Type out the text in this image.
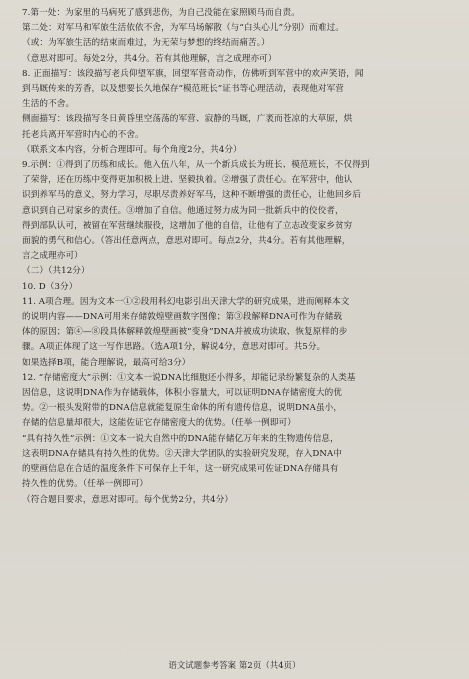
7.第一处：为家里的马病死了感到悲伤，为自己没能在家照顾马而自责。

第二处：对军马和军旅生活依依不舍，为军马场解散（与“白头心儿”分别）而难过。

（或：为军旅生活的结束而难过，为无荣与梦想的终结而痛苦。）

（意思对即可。每处2分，共4分。若有其他理解，言之成理亦可）

8. 正面描写：该段描写老兵仰望军旗，回望军营奇动作，仿佛听到军营中的欢声笑语，闻

到马厩传来的芳香，以及想要长久地保存“模范班长”证书等心理活动，表现他对军营

生活的不舍。

侧面描写：该段描写冬日黄昏里空荡荡的军营、寂静的马厩，广袤而苍凉的大草原，烘

托老兵离开军营时内心的不舍。

（联系文本内容，分析合理即可。每个角度2分，共4分）

9.示例：①得到了历练和成长。他入伍八年，从一个新兵成长为班长、模范班长，不仅得到

了荣誉，还在历练中变得更加积极上进、坚毅执着。②增强了责任心。在军营中，他认

识到养军马的意义，努力学习，尽职尽责养好军马，这种不断增强的责任心，让他回乡后

意识到自己对家乡的责任。③增加了自信。他通过努力成为同一批新兵中的佼佼者，

得到部队认可，被留在军营继续服役，这增加了他的自信，让他有了立志改变家乡贫穷

面貌的勇气和信心。（答出任意两点，意思对即可。每点2分，共4分。若有其他理解，

言之成理亦可）

（二）（共12分）

10. D（3分）

11. A项合理。因为文本一①②段用科幻电影引出天津大学的研究成果，进而阐释本文

的说明内容——DNA可用来存储敦煌壁画数字图像；第③段解释DNA可作为存储载

体的原因；第④—⑧段具体解释敦煌壁画被“变身”DNA并被成功读取、恢复原样的步

骤。A项正体现了这一写作思路。（选A项1分，解说4分，意思对即可。共5分。

如果选择B项，能合理解说，最高可给3分）

12. “存储密度大”示例：①文本一说DNA比细胞还小得多，却能记录纷繁复杂的人类基

因信息，这说明DNA作为存储载体，体积小容量大，可以证明DNA存储密度大的优

势。②一根头发附带的DNA信息就能复原生命体的所有遗传信息，说明DNA虽小，

存储的信息量却很大，这能佐证它存储密度大的优势。（任举一例即可）

“具有持久性”示例：①文本一说大自然中的DNA能存储亿万年来的生物遗传信息，

这表明DNA存储具有持久性的优势。②天津大学团队的实验研究发现，存入DNA中

的壁画信息在合适的温度条件下可保存上千年，这一研究成果可佐证DNA存储具有

持久性的优势。（任举一例即可）

（符合题目要求，意思对即可。每个优势2分，共4分）

语文试题参考答案 第2页（共4页）
